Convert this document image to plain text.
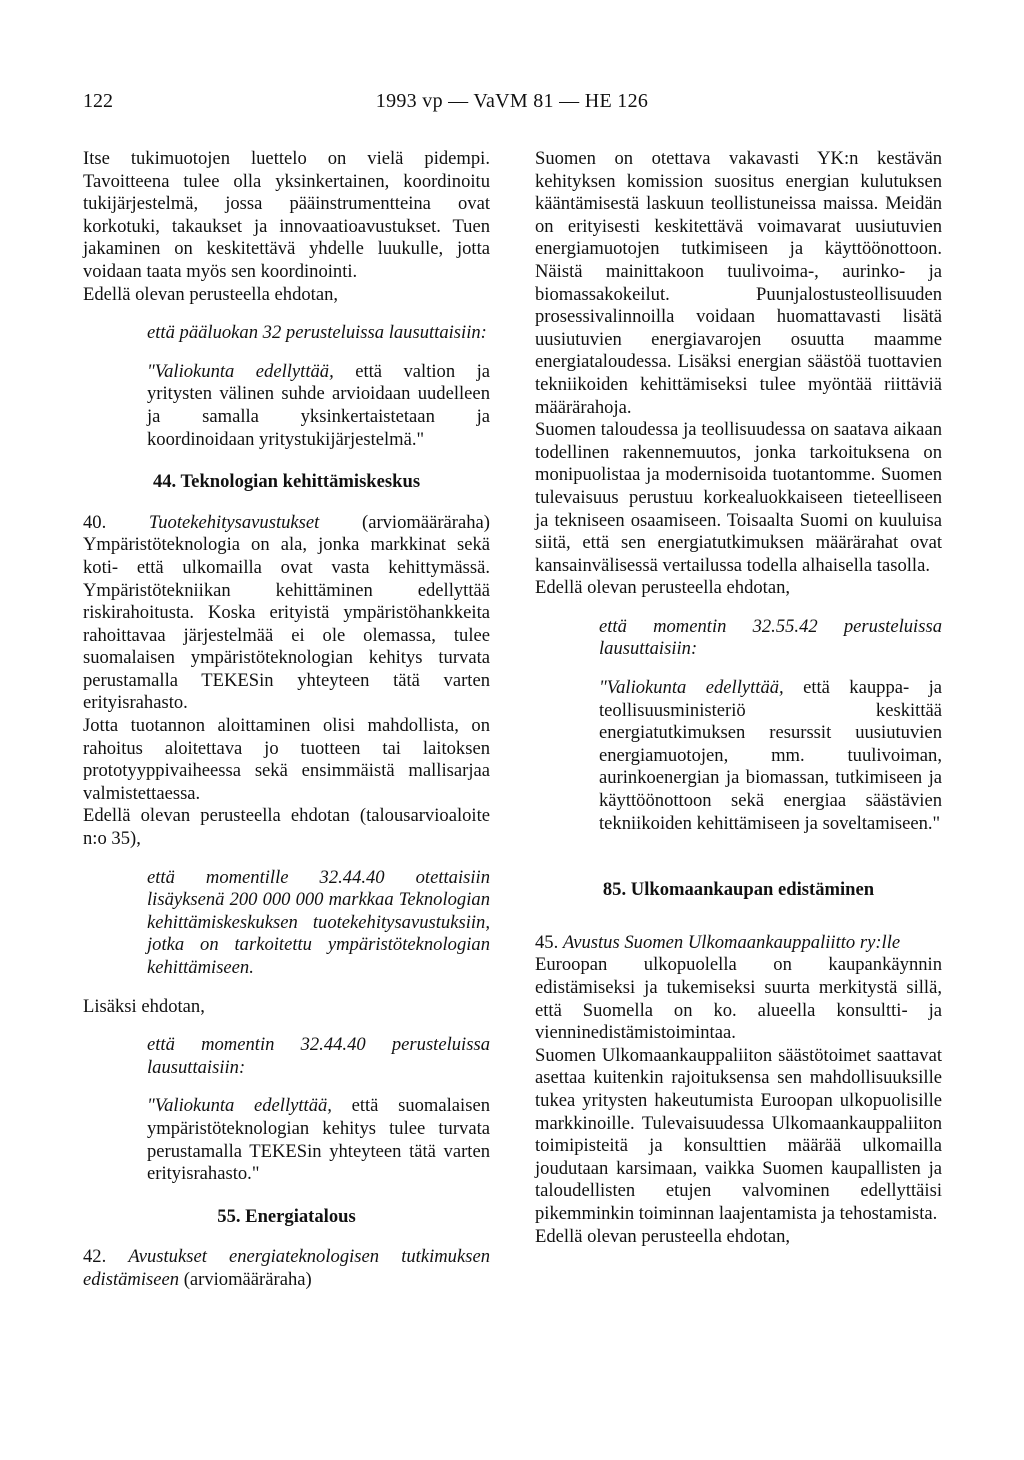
122	1993 vp — VaVM 81 — HE 126

Itse tukimuotojen luettelo on vielä pidempi. Tavoitteena tulee olla yksinkertainen, koordinoitu tukijärjestelmä, jossa pääinstrumentteina ovat korkotuki, takaukset ja innovaatioavustukset. Tuen jakaminen on keskitettävä yhdelle luukulle, jotta voidaan taata myös sen koordinointi.

Edellä olevan perusteella ehdotan,

että pääluokan 32 perusteluissa lausuttaisiin:

"Valiokunta edellyttää, että valtion ja yritysten välinen suhde arvioidaan uudelleen ja samalla yksinkertaistetaan ja koordinoidaan yritystukijärjestelmä."

44. Teknologian kehittämiskeskus

40. Tuotekehitysavustukset (arviomääräraha) Ympäristöteknologia on ala, jonka markkinat sekä koti- että ulkomailla ovat vasta kehittymässä. Ympäristötekniikan kehittäminen edellyttää riskirahoitusta. Koska erityistä ympäristöhankkeita rahoittavaa järjestelmää ei ole olemassa, tulee suomalaisen ympäristöteknologian kehitys turvata perustamalla TEKESin yhteyteen tätä varten erityisrahasto.

Jotta tuotannon aloittaminen olisi mahdollista, on rahoitus aloitettava jo tuotteen tai laitoksen prototyyppivaiheessa sekä ensimmäistä mallisarjaa valmistettaessa.

Edellä olevan perusteella ehdotan (talousarvioaloite n:o 35),

että momentille 32.44.40 otettaisiin lisäyksenä 200 000 000 markkaa Teknologian kehittämiskeskuksen tuotekehitysavustuksiin, jotka on tarkoitettu ympäristöteknologian kehittämiseen.

Lisäksi ehdotan,

että momentin 32.44.40 perusteluissa lausuttaisiin:

"Valiokunta edellyttää, että suomalaisen ympäristöteknologian kehitys tulee turvata perustamalla TEKESin yhteyteen tätä varten erityisrahasto."

55. Energiatalous

42. Avustukset energiateknologisen tutkimuksen edistämiseen (arviomääräraha)

Suomen on otettava vakavasti YK:n kestävän kehityksen komission suositus energian kulutuksen kääntämisestä laskuun teollistuneissa maissa. Meidän on erityisesti keskitettävä voimavarat uusiutuvien energiamuotojen tutkimiseen ja käyttöönottoon. Näistä mainittakoon tuulivoima-, aurinko- ja biomassakokeilut. Puunjalostusteollisuuden prosessivalinnoilla voidaan huomattavasti lisätä uusiutuvien energiavarojen osuutta maamme energiataloudessa. Lisäksi energian säästöä tuottavien tekniikoiden kehittämiseksi tulee myöntää riittäviä määrärahoja.

Suomen taloudessa ja teollisuudessa on saatava aikaan todellinen rakennemuutos, jonka tarkoituksena on monipuolistaa ja modernisoida tuotantomme. Suomen tulevaisuus perustuu korkealuokkaiseen tieteelliseen ja tekniseen osaamiseen. Toisaalta Suomi on kuuluisa siitä, että sen energiatutkimuksen määrärahat ovat kansainvälisessä vertailussa todella alhaisella tasolla.

Edellä olevan perusteella ehdotan,

että momentin 32.55.42 perusteluissa lausuttaisiin:

"Valiokunta edellyttää, että kauppa- ja teollisuusministeriö keskittää energiatutkimuksen resurssit uusiutuvien energiamuotojen, mm. tuulivoiman, aurinkoenergian ja biomassan, tutkimiseen ja käyttöönottoon sekä energiaa säästävien tekniikoiden kehittämiseen ja soveltamiseen."

85. Ulkomaankaupan edistäminen

45. Avustus Suomen Ulkomaankauppaliitto ry:lle

Euroopan ulkopuolella on kaupankäynnin edistämiseksi ja tukemiseksi suurta merkitystä sillä, että Suomella on ko. alueella konsultti- ja vienninedistämistoimintaa.

Suomen Ulkomaankauppaliiton säästötoimet saattavat asettaa kuitenkin rajoituksensa sen mahdollisuuksille tukea yritysten hakeutumista Euroopan ulkopuolisille markkinoille. Tulevaisuudessa Ulkomaankauppaliiton toimipisteitä ja konsulttien määrää ulkomailla joudutaan karsimaan, vaikka Suomen kaupallisten ja taloudellisten etujen valvominen edellyttäisi pikemminkin toiminnan laajentamista ja tehostamista.

Edellä olevan perusteella ehdotan,
